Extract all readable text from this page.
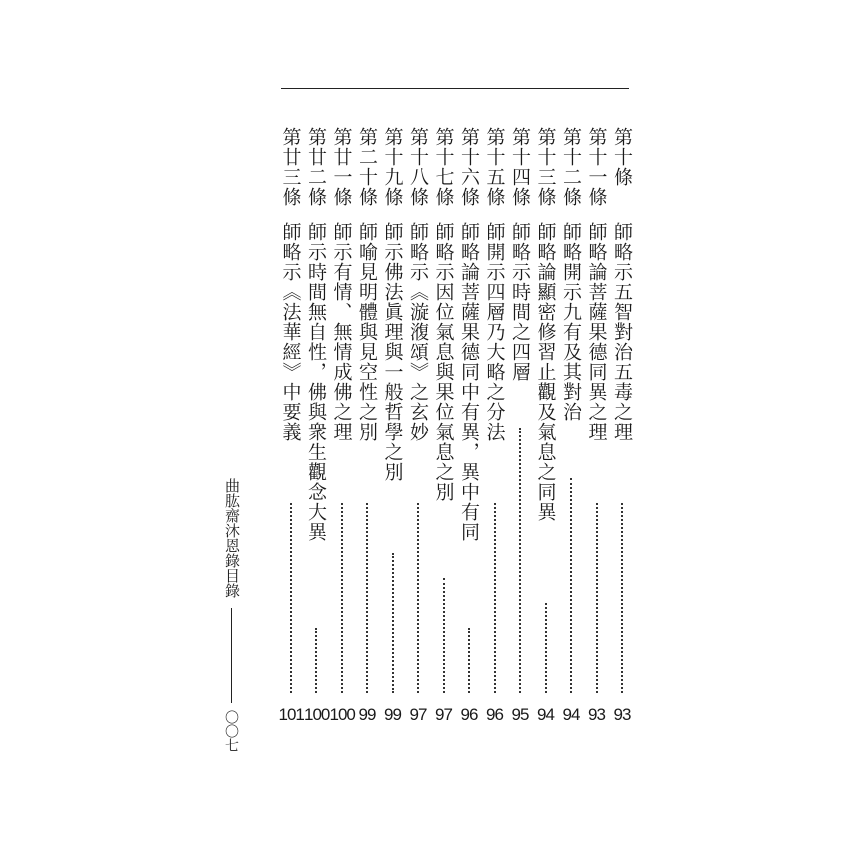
第十條
師略示五智對治五毒之理
93
第十一條
師略論菩薩果德同異之理
93
第十二條
師略開示九有及其對治
94
第十三條
師略論顯密修習止觀及氣息之同異
94
第十四條
師略示時間之四層
95
第十五條
師開示四層乃大略之分法
96
第十六條
師略論菩薩果德同中有異，異中有同
96
第十七條
師略示因位氣息與果位氣息之別
97
第十八條
師略示《漩澓頌》之玄妙
97
第十九條
師示佛法眞理與一般哲學之別
99
第二十條
師喻見明體與見空性之別
99
第廿一條
師示有情、無情成佛之理
100
第廿二條
師示時間無自性，佛與衆生觀念大異
100
第廿三條
師略示《法華經》中要義
101
曲肱齋沐恩錄目錄
〇〇七
